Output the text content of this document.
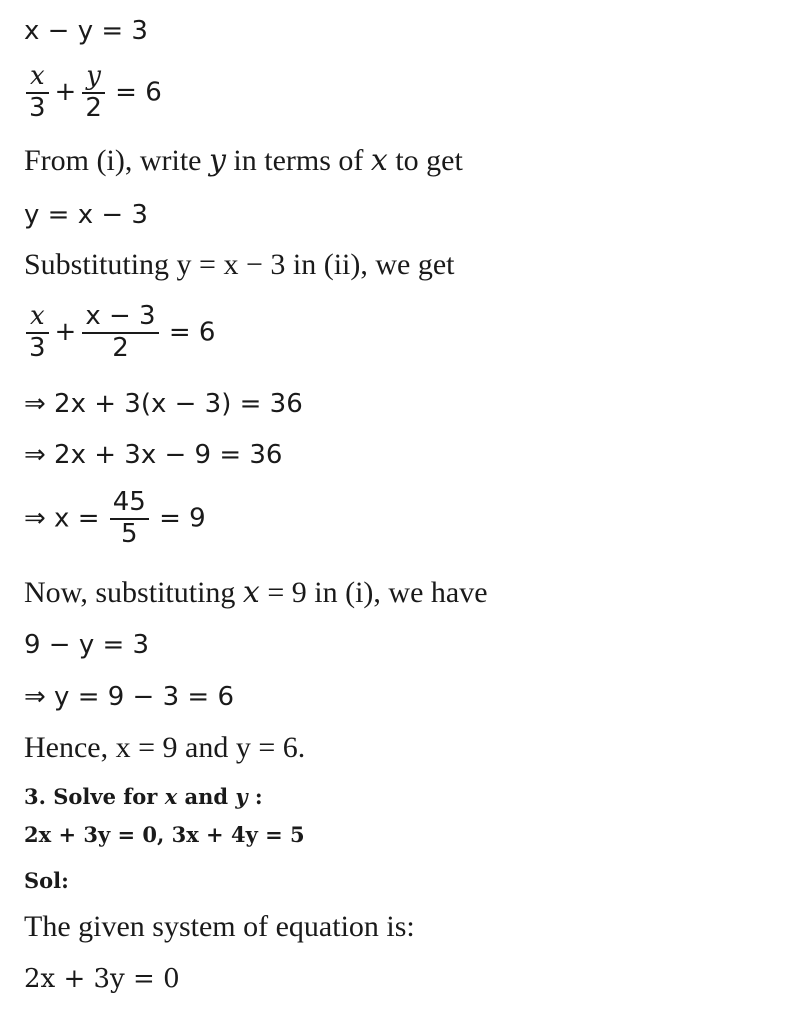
x − y = 3
$\frac{x}{3} + \frac{y}{2} = 6$
From (i), write y in terms of x to get
y = x − 3
Substituting y = x − 3 in (ii), we get
$\frac{x}{3} + \frac{x - 3}{2} = 6$
⇒ 2x + 3(x − 3) = 36
⇒ 2x + 3x − 9 = 36
⇒ $x = \frac{45}{5} = 9$
Now, substituting x = 9 in (i), we have
9 − y = 3
⇒ y = 9 − 3 = 6
Hence, x = 9 and y = 6.
3. Solve for x and y :
2x + 3y = 0, 3x + 4y = 5
Sol:
The given system of equation is:
2x + 3y = 0
